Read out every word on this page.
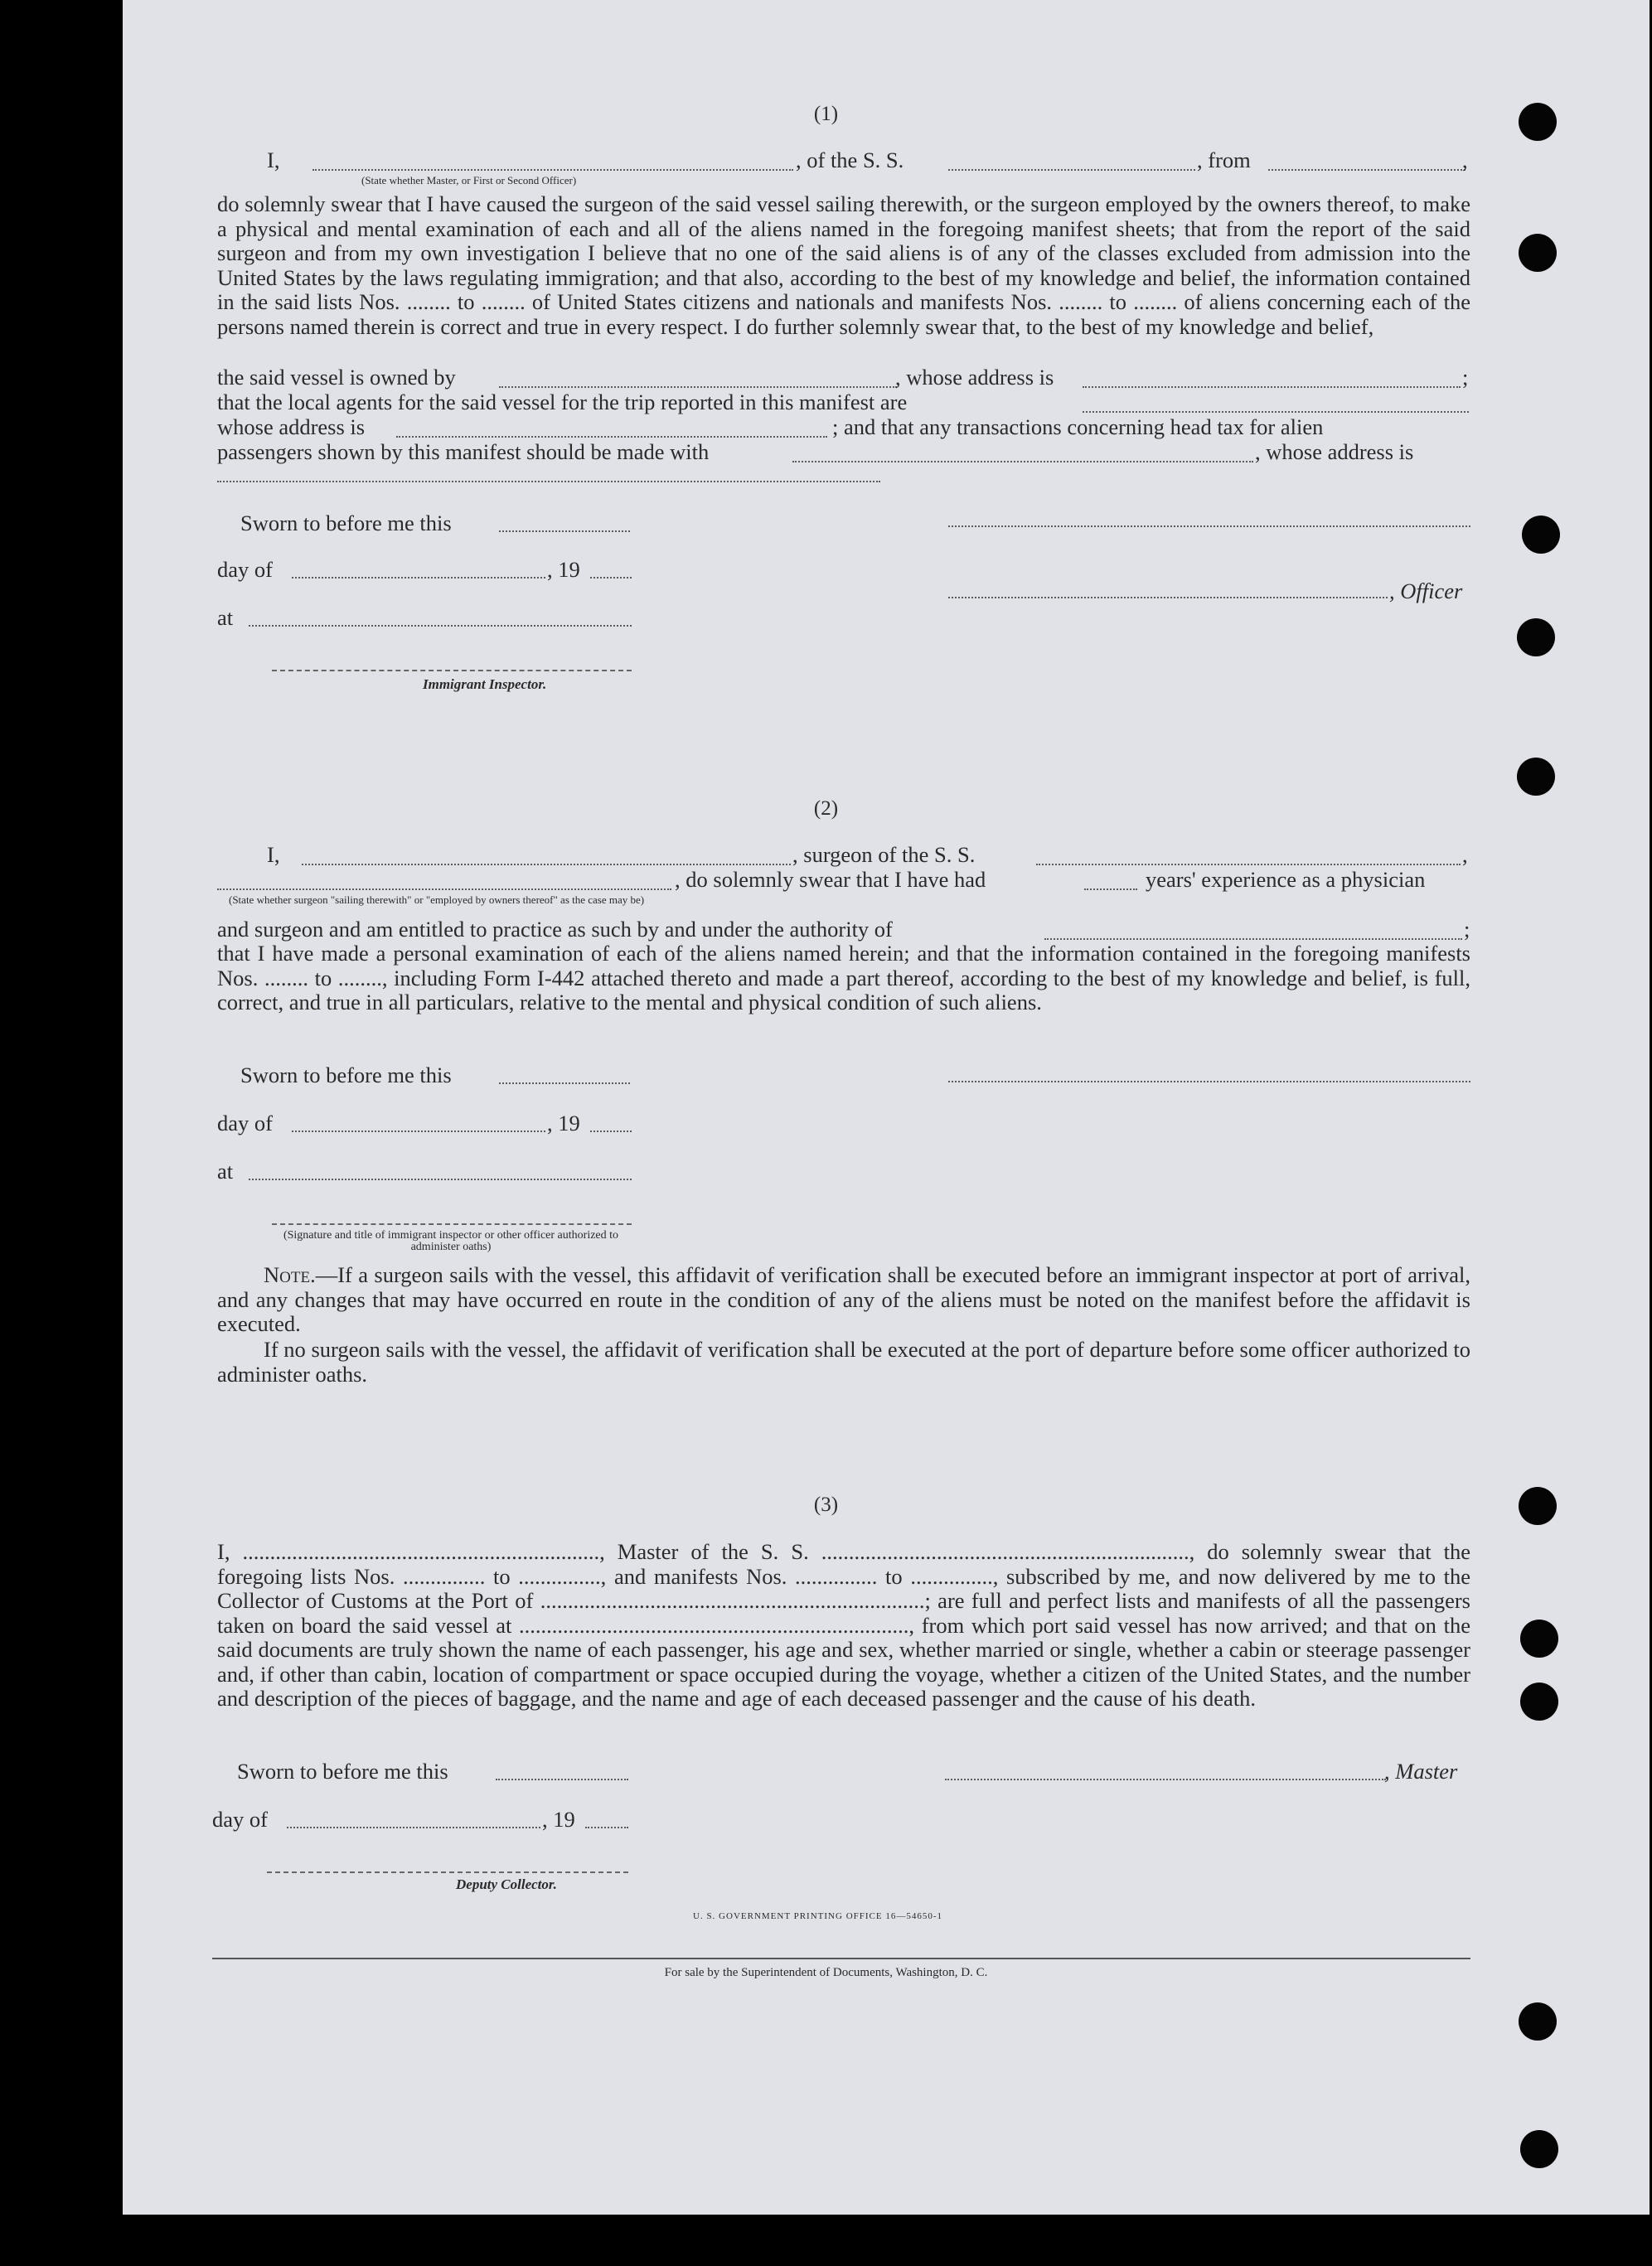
(1)
I,	, of the S. S.	, from	,
(State whether Master, or First or Second Officer)
do solemnly swear that I have caused the surgeon of the said vessel sailing therewith, or the surgeon employed by the owners thereof, to make a physical and mental examination of each and all of the aliens named in the foregoing manifest sheets; that from the report of the said surgeon and from my own investigation I believe that no one of the said aliens is of any of the classes excluded from admission into the United States by the laws regulating immigration; and that also, according to the best of my knowledge and belief, the information contained in the said lists Nos. ........ to ........ of United States citizens and nationals and manifests Nos. ........ to ........ of aliens concerning each of the persons named therein is correct and true in every respect. I do further solemnly swear that, to the best of my knowledge and belief,
the said vessel is owned by	, whose address is	;
that the local agents for the said vessel for the trip reported in this manifest are
whose address is	; and that any transactions concerning head tax for alien
passengers shown by this manifest should be made with	, whose address is
Sworn to before me this
day of	, 19
at
Immigrant Inspector.
, Officer
(2)
I,	, surgeon of the S. S.	,
, do solemnly swear that I have had	years' experience as a physician
(State whether surgeon "sailing therewith" or "employed by owners thereof" as the case may be)
and surgeon and am entitled to practice as such by and under the authority of	;
that I have made a personal examination of each of the aliens named herein; and that the information contained in the foregoing manifests Nos. ........ to ........, including Form I-442 attached thereto and made a part thereof, according to the best of my knowledge and belief, is full, correct, and true in all particulars, relative to the mental and physical condition of such aliens.
Sworn to before me this
day of	, 19
at
(Signature and title of immigrant inspector or other officer authorized to administer oaths)
Note.—If a surgeon sails with the vessel, this affidavit of verification shall be executed before an immigrant inspector at port of arrival, and any changes that may have occurred en route in the condition of any of the aliens must be noted on the manifest before the affidavit is executed.
If no surgeon sails with the vessel, the affidavit of verification shall be executed at the port of departure before some officer authorized to administer oaths.
(3)
I, ................................................................., Master of the S. S. ..................................................................., do solemnly swear that the foregoing lists Nos. ............... to ..............., and manifests Nos. ............... to ..............., subscribed by me, and now delivered by me to the Collector of Customs at the Port of ......................................................................; are full and perfect lists and manifests of all the passengers taken on board the said vessel at ......................................................................., from which port said vessel has now arrived; and that on the said documents are truly shown the name of each passenger, his age and sex, whether married or single, whether a cabin or steerage passenger and, if other than cabin, location of compartment or space occupied during the voyage, whether a citizen of the United States, and the number and description of the pieces of baggage, and the name and age of each deceased passenger and the cause of his death.
Sworn to before me this	, Master
day of	, 19
Deputy Collector.
U. S. GOVERNMENT PRINTING OFFICE 16—54650-1
For sale by the Superintendent of Documents, Washington, D. C.
